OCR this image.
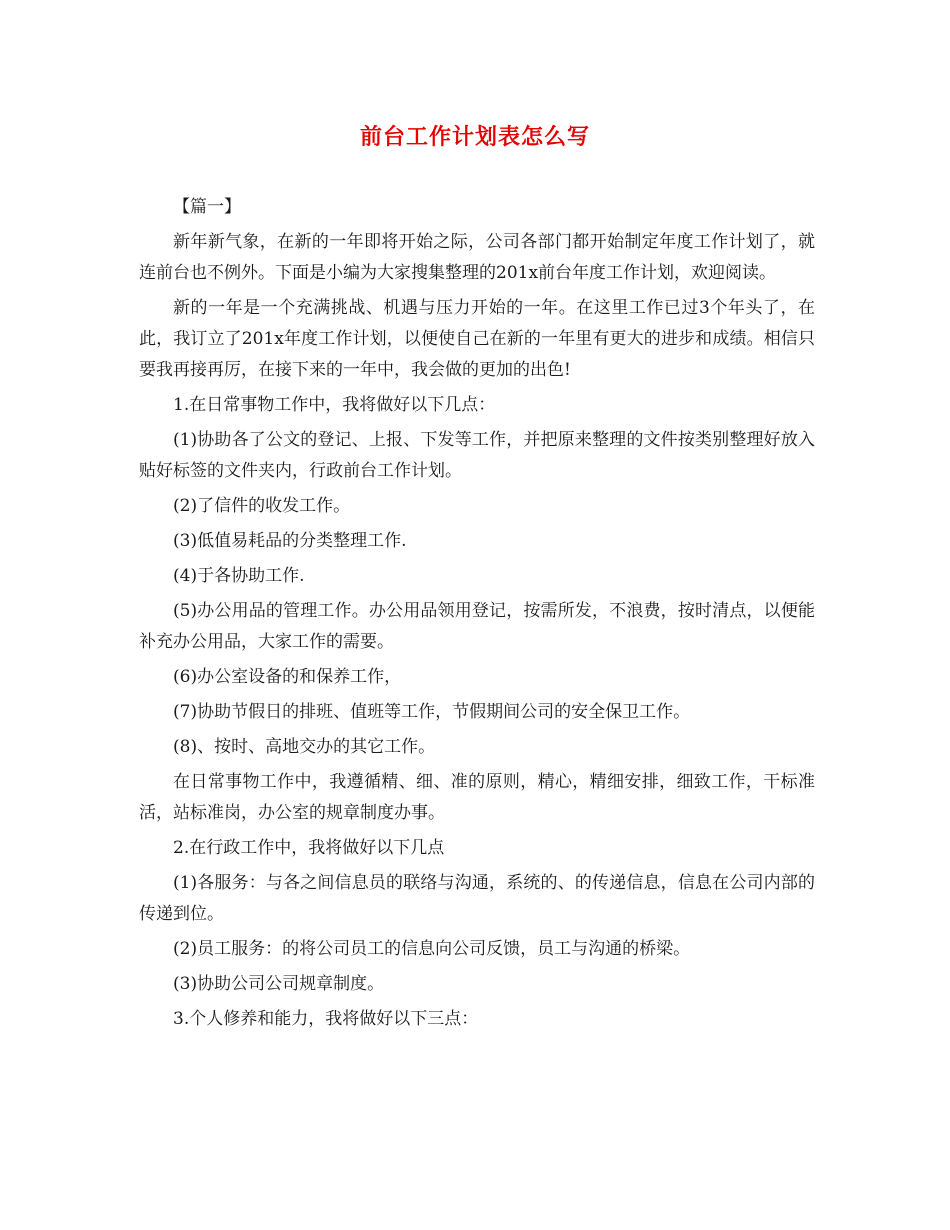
前台工作计划表怎么写

【篇一】

新年新气象，在新的一年即将开始之际，公司各部门都开始制定年度工作计划了，就连前台也不例外。下面是小编为大家搜集整理的201x前台年度工作计划，欢迎阅读。

新的一年是一个充满挑战、机遇与压力开始的一年。在这里工作已过3个年头了，在此，我订立了201x年度工作计划，以便使自己在新的一年里有更大的进步和成绩。相信只要我再接再厉，在接下来的一年中，我会做的更加的出色!

1.在日常事物工作中，我将做好以下几点：

(1)协助各了公文的登记、上报、下发等工作，并把原来整理的文件按类别整理好放入贴好标签的文件夹内，行政前台工作计划。

(2)了信件的收发工作。

(3)低值易耗品的分类整理工作.

(4)于各协助工作.

(5)办公用品的管理工作。办公用品领用登记，按需所发，不浪费，按时清点，以便能补充办公用品，大家工作的需要。

(6)办公室设备的和保养工作，

(7)协助节假日的排班、值班等工作，节假期间公司的安全保卫工作。

(8)、按时、高地交办的其它工作。

在日常事物工作中，我遵循精、细、准的原则，精心，精细安排，细致工作，干标准活，站标准岗，办公室的规章制度办事。

2.在行政工作中，我将做好以下几点

(1)各服务：与各之间信息员的联络与沟通，系统的、的传递信息，信息在公司内部的传递到位。

(2)员工服务：的将公司员工的信息向公司反馈，员工与沟通的桥梁。

(3)协助公司公司规章制度。

3.个人修养和能力，我将做好以下三点：
